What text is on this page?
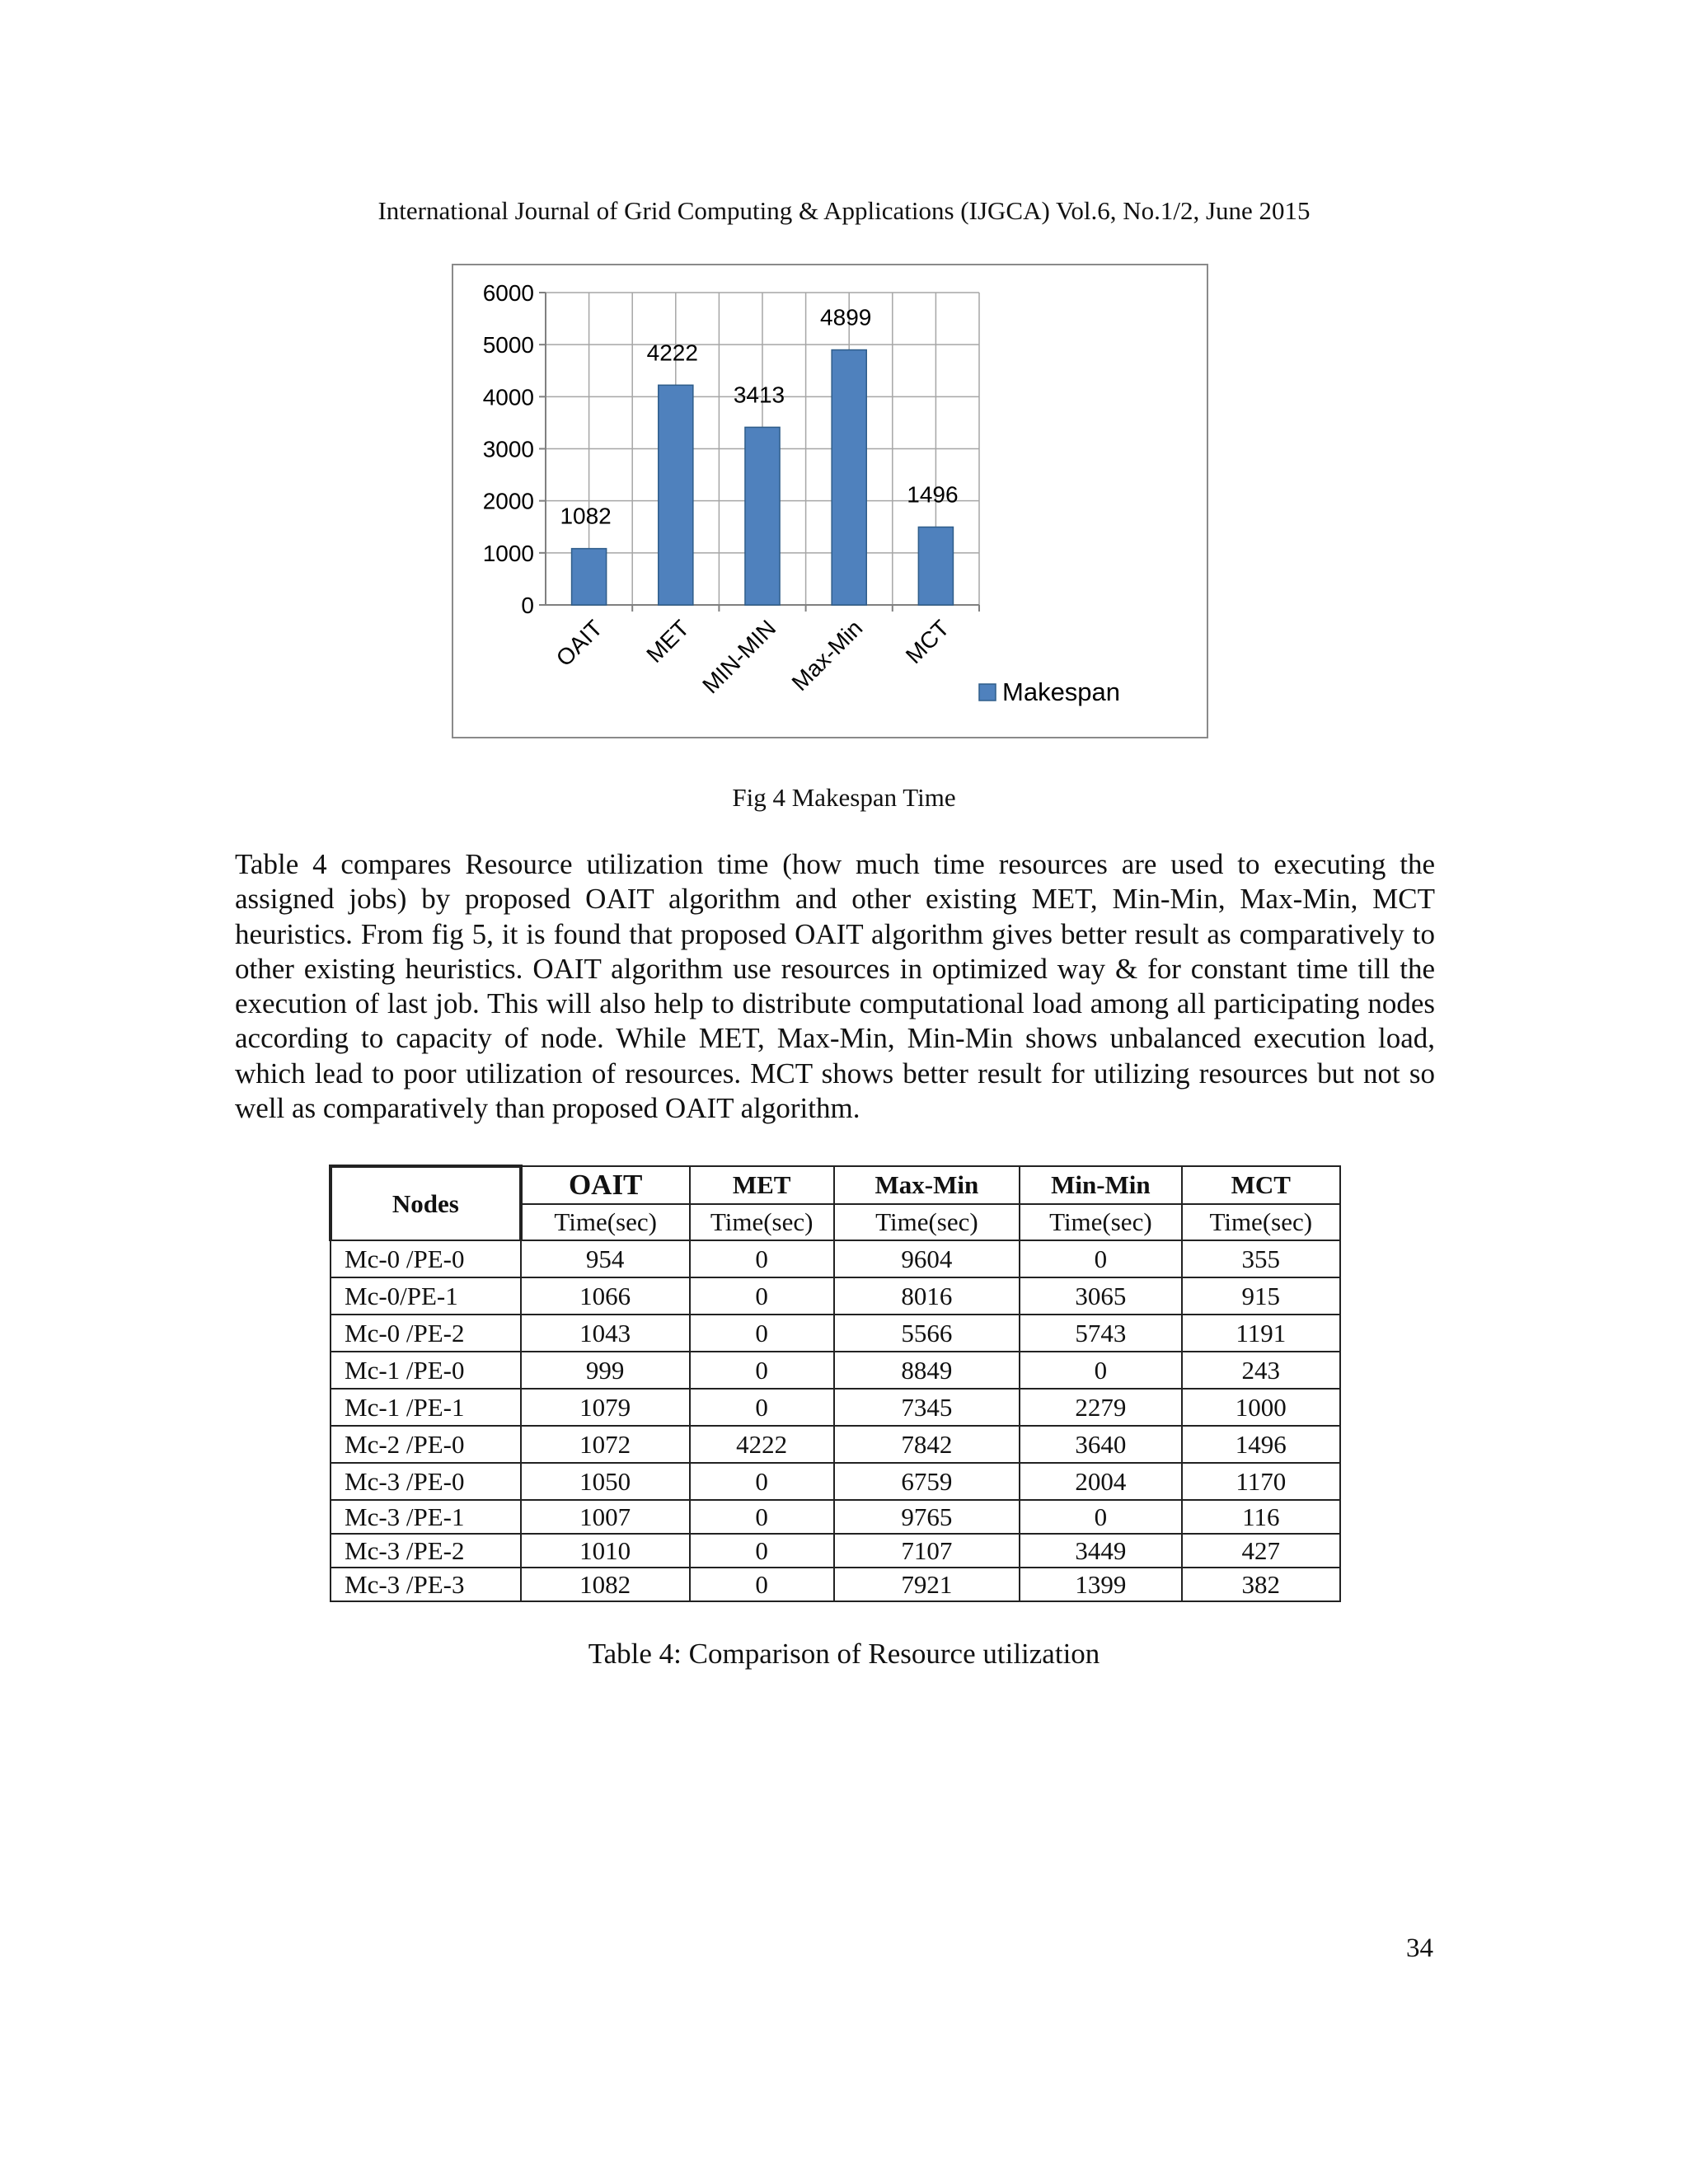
International Journal of Grid Computing & Applications (IJGCA) Vol.6, No.1/2, June 2015
0
1000
2000
3000
4000
5000
6000
1082
OAIT
4222
MET
3413
MIN-MIN
4899
Max-Min
1496
MCT
Makespan
Fig 4 Makespan Time

Table 4 compares Resource utilization time (how much time resources are used to executing the assigned jobs) by proposed OAIT algorithm and other existing MET, Min-Min, Max-Min, MCT heuristics. From fig 5, it is found that proposed OAIT algorithm gives better result as comparatively to other existing heuristics. OAIT algorithm use resources in optimized way & for constant time till the execution of last job. This will also help to distribute computational load among all participating nodes according to capacity of node. While MET, Max-Min, Min-Min shows unbalanced execution load, which lead to poor utilization of resources. MCT shows better result for utilizing resources but not so well as comparatively than proposed OAIT algorithm.

Nodes	OAIT	MET	Max-Min	Min-Min	MCT
	Time(sec)	Time(sec)	Time(sec)	Time(sec)	Time(sec)
Mc-0 /PE-0	954	0	9604	0	355
Mc-0/PE-1	1066	0	8016	3065	915
Mc-0 /PE-2	1043	0	5566	5743	1191
Mc-1 /PE-0	999	0	8849	0	243
Mc-1 /PE-1	1079	0	7345	2279	1000
Mc-2 /PE-0	1072	4222	7842	3640	1496
Mc-3 /PE-0	1050	0	6759	2004	1170
Mc-3 /PE-1	1007	0	9765	0	116
Mc-3 /PE-2	1010	0	7107	3449	427
Mc-3 /PE-3	1082	0	7921	1399	382
Table 4: Comparison of Resource utilization
34
